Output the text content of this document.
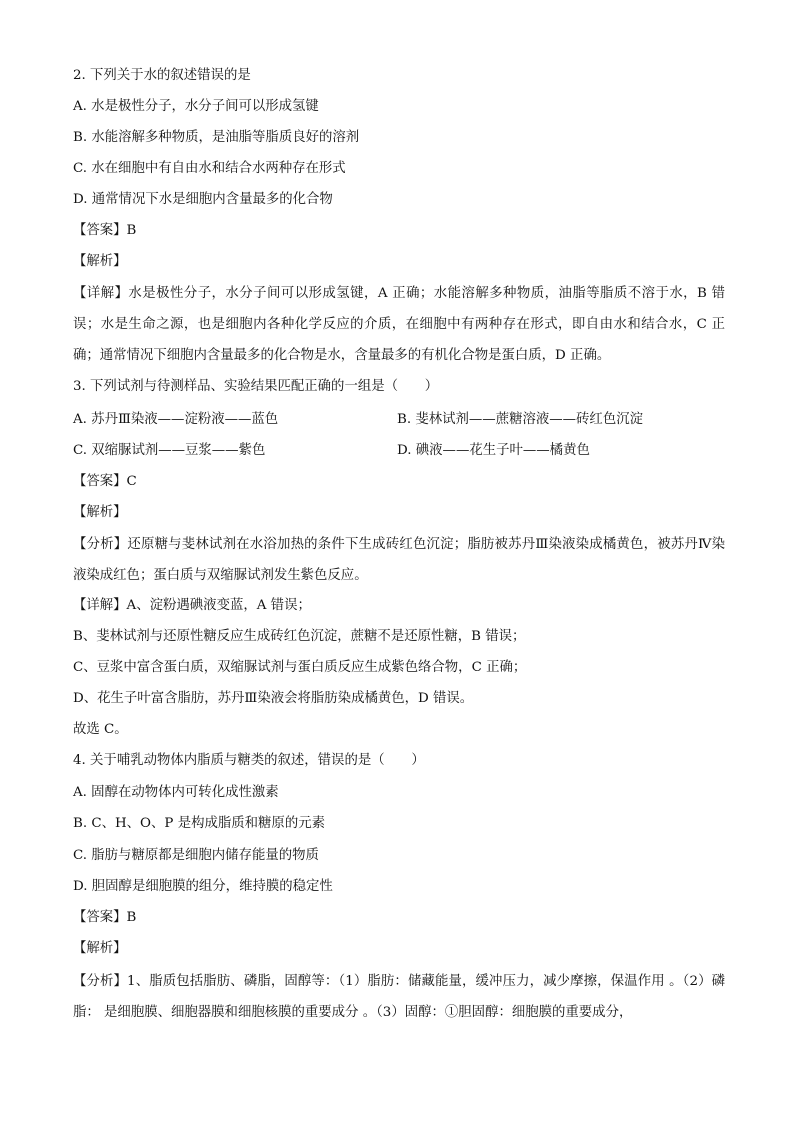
2. 下列关于水的叙述错误的是
A. 水是极性分子，水分子间可以形成氢键
B. 水能溶解多种物质，是油脂等脂质良好的溶剂
C. 水在细胞中有自由水和结合水两种存在形式
D. 通常情况下水是细胞内含量最多的化合物
【答案】B
【解析】
【详解】水是极性分子，水分子间可以形成氢键，A 正确；水能溶解多种物质，油脂等脂质不溶于水，B 错误；水是生命之源，也是细胞内各种化学反应的介质，在细胞中有两种存在形式，即自由水和结合水，C 正确；通常情况下细胞内含量最多的化合物是水，含量最多的有机化合物是蛋白质，D 正确。
3. 下列试剂与待测样品、实验结果匹配正确的一组是（　　）
A. 苏丹Ⅲ染液——淀粉液——蓝色	B. 斐林试剂——蔗糖溶液——砖红色沉淀
C. 双缩脲试剂——豆浆——紫色	D. 碘液——花生子叶——橘黄色
【答案】C
【解析】
【分析】还原糖与斐林试剂在水浴加热的条件下生成砖红色沉淀；脂肪被苏丹Ⅲ染液染成橘黄色，被苏丹Ⅳ染液染成红色；蛋白质与双缩脲试剂发生紫色反应。
【详解】A、淀粉遇碘液变蓝，A 错误；
B、斐林试剂与还原性糖反应生成砖红色沉淀，蔗糖不是还原性糖，B 错误；
C、豆浆中富含蛋白质，双缩脲试剂与蛋白质反应生成紫色络合物，C 正确；
D、花生子叶富含脂肪，苏丹Ⅲ染液会将脂肪染成橘黄色，D 错误。
故选 C。
4. 关于哺乳动物体内脂质与糖类的叙述，错误的是（　　）
A. 固醇在动物体内可转化成性激素
B. C、H、O、P 是构成脂质和糖原的元素
C. 脂肪与糖原都是细胞内储存能量的物质
D. 胆固醇是细胞膜的组分，维持膜的稳定性
【答案】B
【解析】
【分析】1、脂质包括脂肪、磷脂，固醇等：（1）脂肪：储藏能量，缓冲压力，减少摩擦，保温作用 。（2）磷脂： 是细胞膜、细胞器膜和细胞核膜的重要成分 。（3）固醇：①胆固醇：细胞膜的重要成分，
